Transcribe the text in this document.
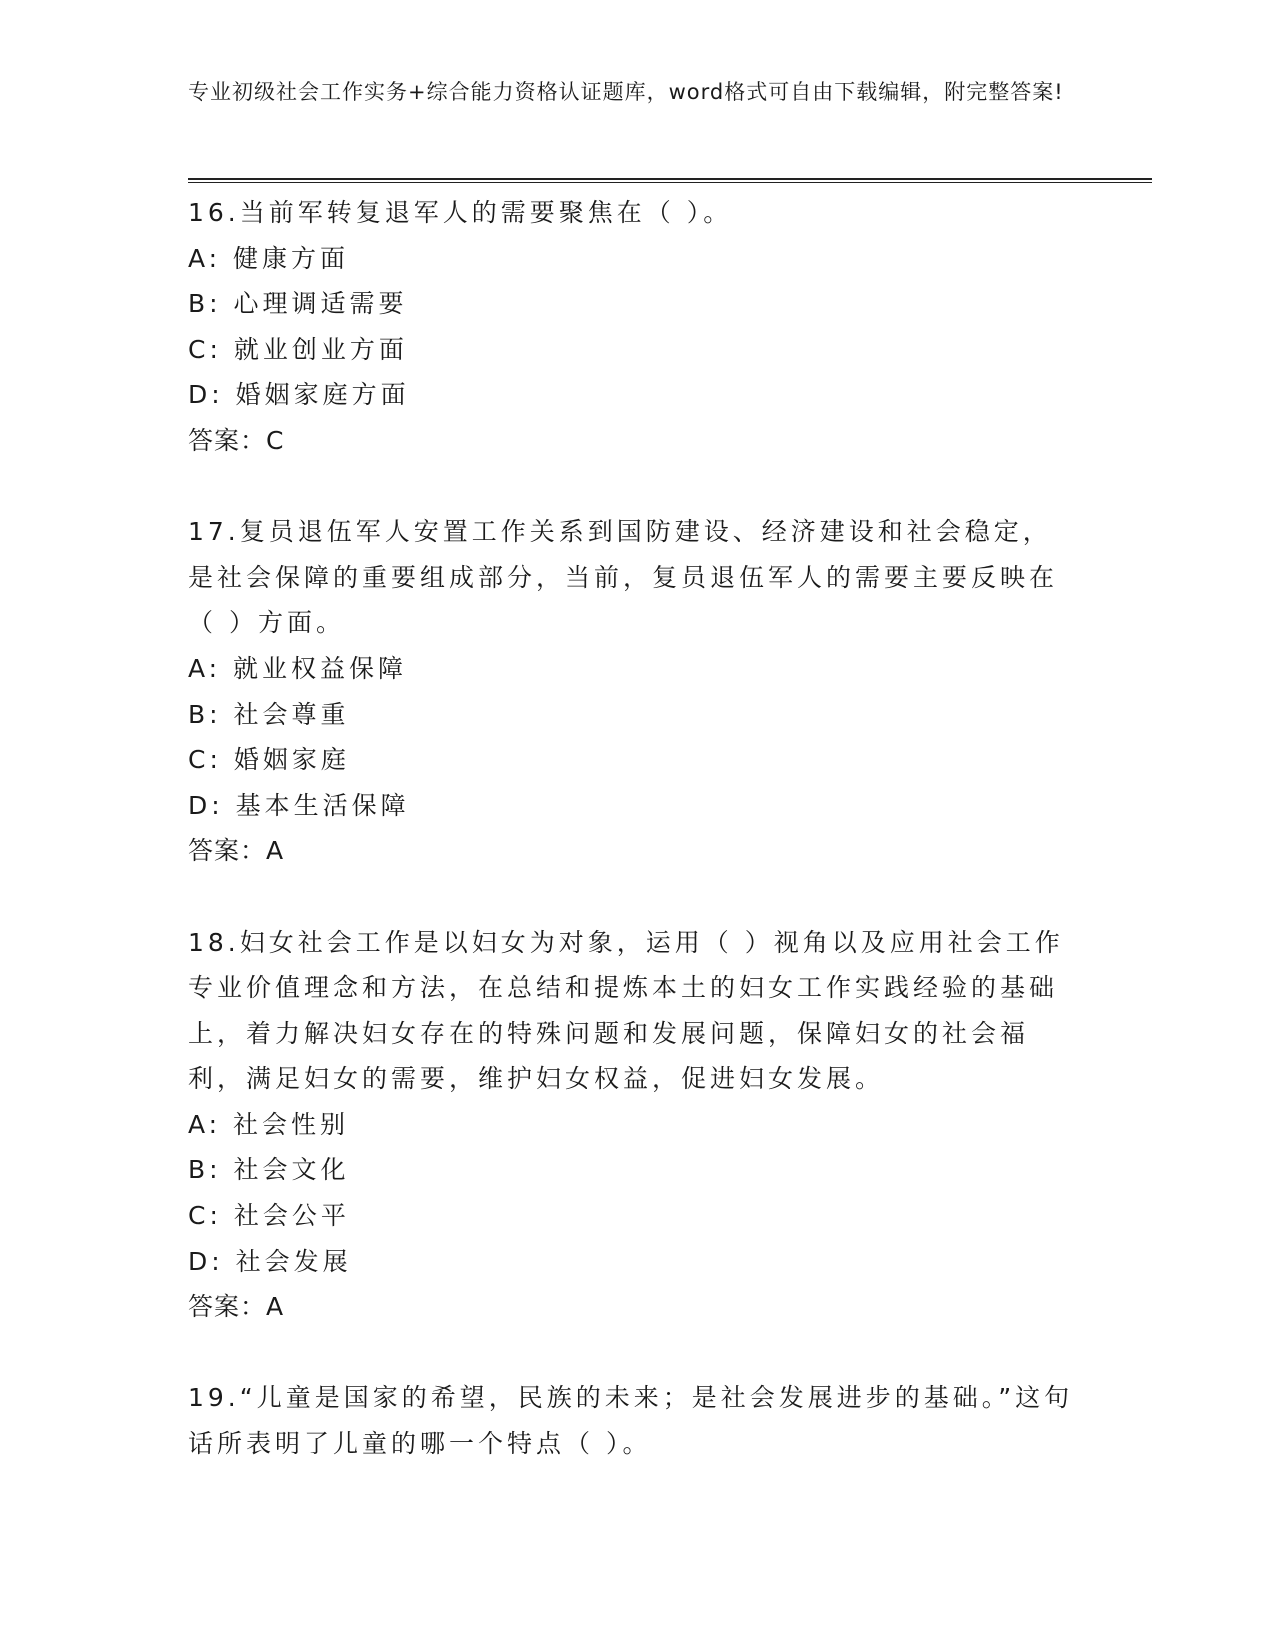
专业初级社会工作实务+综合能力资格认证题库，word格式可自由下载编辑，附完整答案!

16.当前军转复退军人的需要聚焦在（ ）。

A: 健康方面

B: 心理调适需要

C: 就业创业方面

D: 婚姻家庭方面

答案：C

17.复员退伍军人安置工作关系到国防建设、经济建设和社会稳定，是社会保障的重要组成部分，当前，复员退伍军人的需要主要反映在（ ）方面。

A: 就业权益保障

B: 社会尊重

C: 婚姻家庭

D: 基本生活保障

答案：A

18.妇女社会工作是以妇女为对象，运用（ ）视角以及应用社会工作专业价值理念和方法，在总结和提炼本土的妇女工作实践经验的基础上，着力解决妇女存在的特殊问题和发展问题，保障妇女的社会福利，满足妇女的需要，维护妇女权益，促进妇女发展。

A: 社会性别

B: 社会文化

C: 社会公平

D: 社会发展

答案：A

19.“儿童是国家的希望，民族的未来；是社会发展进步的基础。”这句话所表明了儿童的哪一个特点（ ）。
